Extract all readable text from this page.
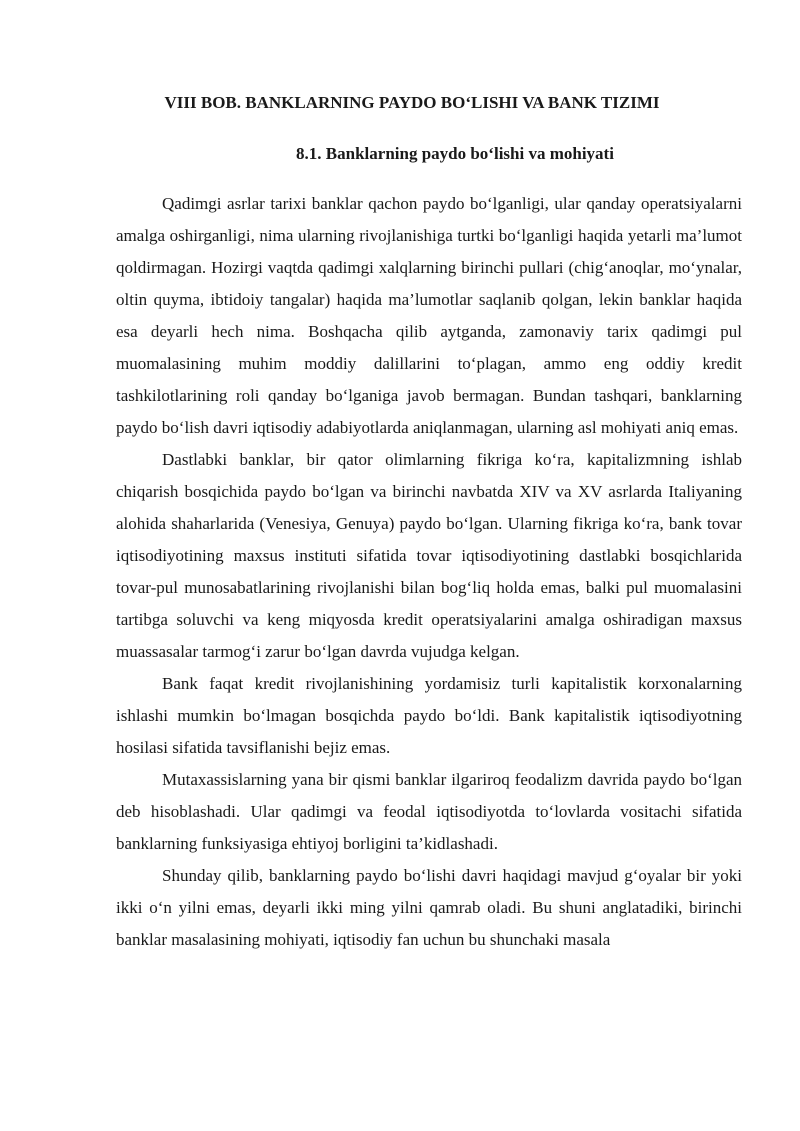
VIII BOB. BANKLARNING PAYDO BO‘LISHI VA BANK TIZIMI
8.1. Banklarning paydo bo‘lishi va mohiyati

Qadimgi asrlar tarixi banklar qachon paydo bo‘lganligi, ular qanday operatsiyalarni amalga oshirganligi, nima ularning rivojlanishiga turtki bo‘lganligi haqida yetarli ma’lumot qoldirmagan. Hozirgi vaqtda qadimgi xalqlarning birinchi pullari (chig‘anoqlar, mo‘ynalar, oltin quyma, ibtidoiy tangalar) haqida ma’lumotlar saqlanib qolgan, lekin banklar haqida esa deyarli hech nima. Boshqacha qilib aytganda, zamonaviy tarix qadimgi pul muomalasining muhim moddiy dalillarini to‘plagan, ammo eng oddiy kredit tashkilotlarining roli qanday bo‘lganiga javob bermagan. Bundan tashqari, banklarning paydo bo‘lish davri iqtisodiy adabiyotlarda aniqlanmagan, ularning asl mohiyati aniq emas.

Dastlabki banklar, bir qator olimlarning fikriga ko‘ra, kapitalizmning ishlab chiqarish bosqichida paydo bo‘lgan va birinchi navbatda XIV va XV asrlarda Italiyaning alohida shaharlarida (Venesiya, Genuya) paydo bo‘lgan. Ularning fikriga ko‘ra, bank tovar iqtisodiyotining maxsus instituti sifatida tovar iqtisodiyotining dastlabki bosqichlarida tovar-pul munosabatlarining rivojlanishi bilan bog‘liq holda emas, balki pul muomalasini tartibga soluvchi va keng miqyosda kredit operatsiyalarini amalga oshiradigan maxsus muassasalar tarmog‘i zarur bo‘lgan davrda vujudga kelgan.

Bank faqat kredit rivojlanishining yordamisiz turli kapitalistik korxonalarning ishlashi mumkin bo‘lmagan bosqichda paydo bo‘ldi. Bank kapitalistik iqtisodiyotning hosilasi sifatida tavsiflanishi bejiz emas.

Mutaxassislarning yana bir qismi banklar ilgariroq feodalizm davrida paydo bo‘lgan deb hisoblashadi. Ular qadimgi va feodal iqtisodiyotda to‘lovlarda vositachi sifatida banklarning funksiyasiga ehtiyoj borligini ta’kidlashadi.

Shunday qilib, banklarning paydo bo‘lishi davri haqidagi mavjud g‘oyalar bir yoki ikki o‘n yilni emas, deyarli ikki ming yilni qamrab oladi. Bu shuni anglatadiki, birinchi banklar masalasining mohiyati, iqtisodiy fan uchun bu shunchaki masala
